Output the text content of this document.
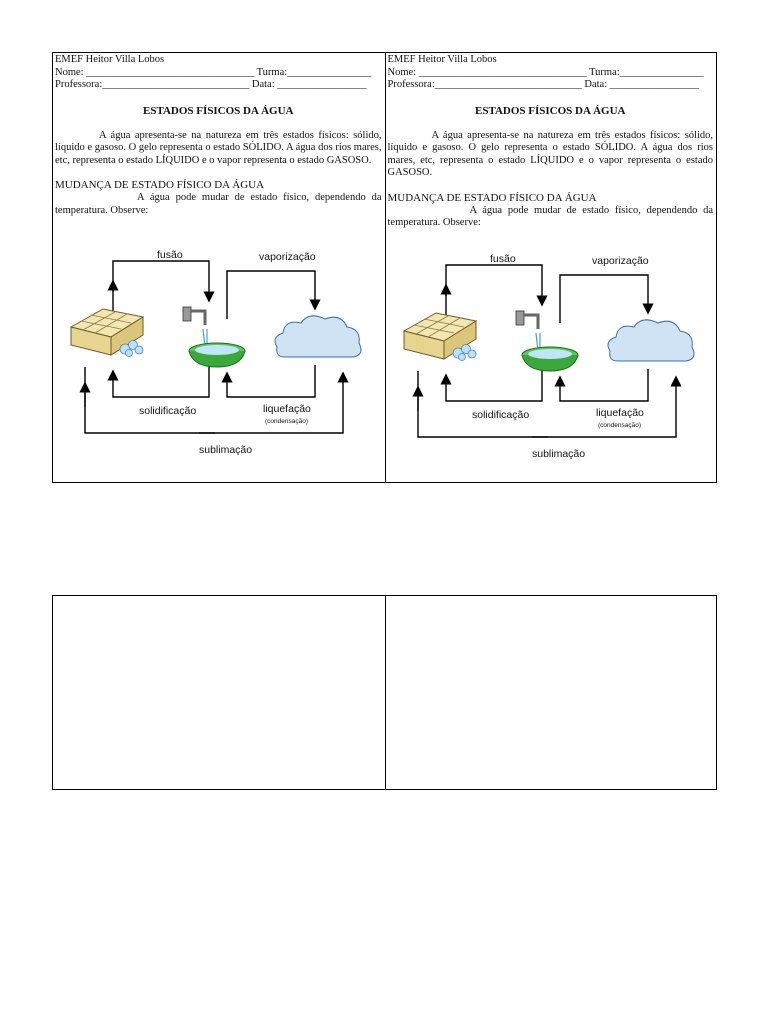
EMEF Heitor Villa Lobos
Nome: ________________________________ Turma:________________
Professora:____________________________ Data: _________________
ESTADOS FÍSICOS DA ÁGUA
A água apresenta-se na natureza em três estados físicos: sólido, líquido e gasoso. O gelo representa o estado SÓLIDO. A água dos rios mares, etc, representa o estado LÍQUIDO e o vapor representa o estado GASOSO.
MUDANÇA DE ESTADO FÍSICO DA ÁGUA
A água pode mudar de estado físico, dependendo da temperatura. Observe:
fusão	vaporização
solidificação	liquefação
(condensação)
sublimação
EMEF Heitor Villa Lobos
Nome: ________________________________ Turma:________________
Professora:____________________________ Data: _________________
ESTADOS FÍSICOS DA ÁGUA
A água apresenta-se na natureza em três estados físicos: sólido, líquido e gasoso. O gelo representa o estado SÓLIDO. A água dos rios mares, etc, representa o estado LÍQUIDO e o vapor representa o estado GASOSO.
MUDANÇA DE ESTADO FÍSICO DA ÁGUA
A água pode mudar de estado físico, dependendo da temperatura. Observe:
fusão	vaporização
solidificação	liquefação
(condensação)
sublimação
